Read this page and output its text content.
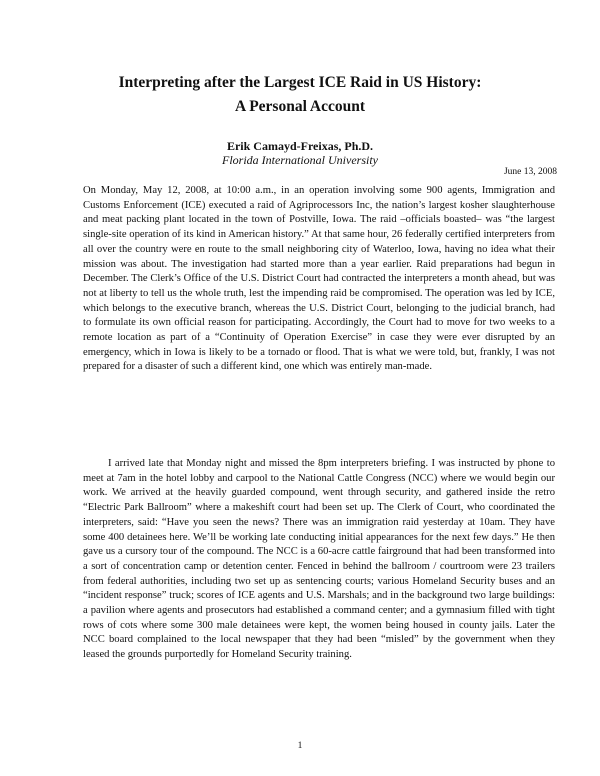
Interpreting after the Largest ICE Raid in US History:
A Personal Account
Erik Camayd-Freixas, Ph.D.
Florida International University
June 13, 2008

On Monday, May 12, 2008, at 10:00 a.m., in an operation involving some 900 agents, Immigration and Customs Enforcement (ICE) executed a raid of Agriprocessors Inc, the nation’s largest kosher slaughterhouse and meat packing plant located in the town of Postville, Iowa. The raid –officials boasted– was “the largest single-site operation of its kind in American history.” At that same hour, 26 federally certified interpreters from all over the country were en route to the small neighboring city of Waterloo, Iowa, having no idea what their mission was about. The investigation had started more than a year earlier. Raid preparations had begun in December. The Clerk’s Office of the U.S. District Court had contracted the interpreters a month ahead, but was not at liberty to tell us the whole truth, lest the impending raid be compromised. The operation was led by ICE, which belongs to the executive branch, whereas the U.S. District Court, belonging to the judicial branch, had to formulate its own official reason for participating. Accordingly, the Court had to move for two weeks to a remote location as part of a “Continuity of Operation Exercise” in case they were ever disrupted by an emergency, which in Iowa is likely to be a tornado or flood. That is what we were told, but, frankly, I was not prepared for a disaster of such a different kind, one which was entirely man-made.

I arrived late that Monday night and missed the 8pm interpreters briefing. I was instructed by phone to meet at 7am in the hotel lobby and carpool to the National Cattle Congress (NCC) where we would begin our work. We arrived at the heavily guarded compound, went through security, and gathered inside the retro “Electric Park Ballroom” where a makeshift court had been set up. The Clerk of Court, who coordinated the interpreters, said: “Have you seen the news? There was an immigration raid yesterday at 10am. They have some 400 detainees here. We’ll be working late conducting initial appearances for the next few days.” He then gave us a cursory tour of the compound. The NCC is a 60-acre cattle fairground that had been transformed into a sort of concentration camp or detention center. Fenced in behind the ballroom / courtroom were 23 trailers from federal authorities, including two set up as sentencing courts; various Homeland Security buses and an “incident response” truck; scores of ICE agents and U.S. Marshals; and in the background two large buildings: a pavilion where agents and prosecutors had established a command center; and a gymnasium filled with tight rows of cots where some 300 male detainees were kept, the women being housed in county jails. Later the NCC board complained to the local newspaper that they had been “misled” by the government when they leased the grounds purportedly for Homeland Security training.

1
